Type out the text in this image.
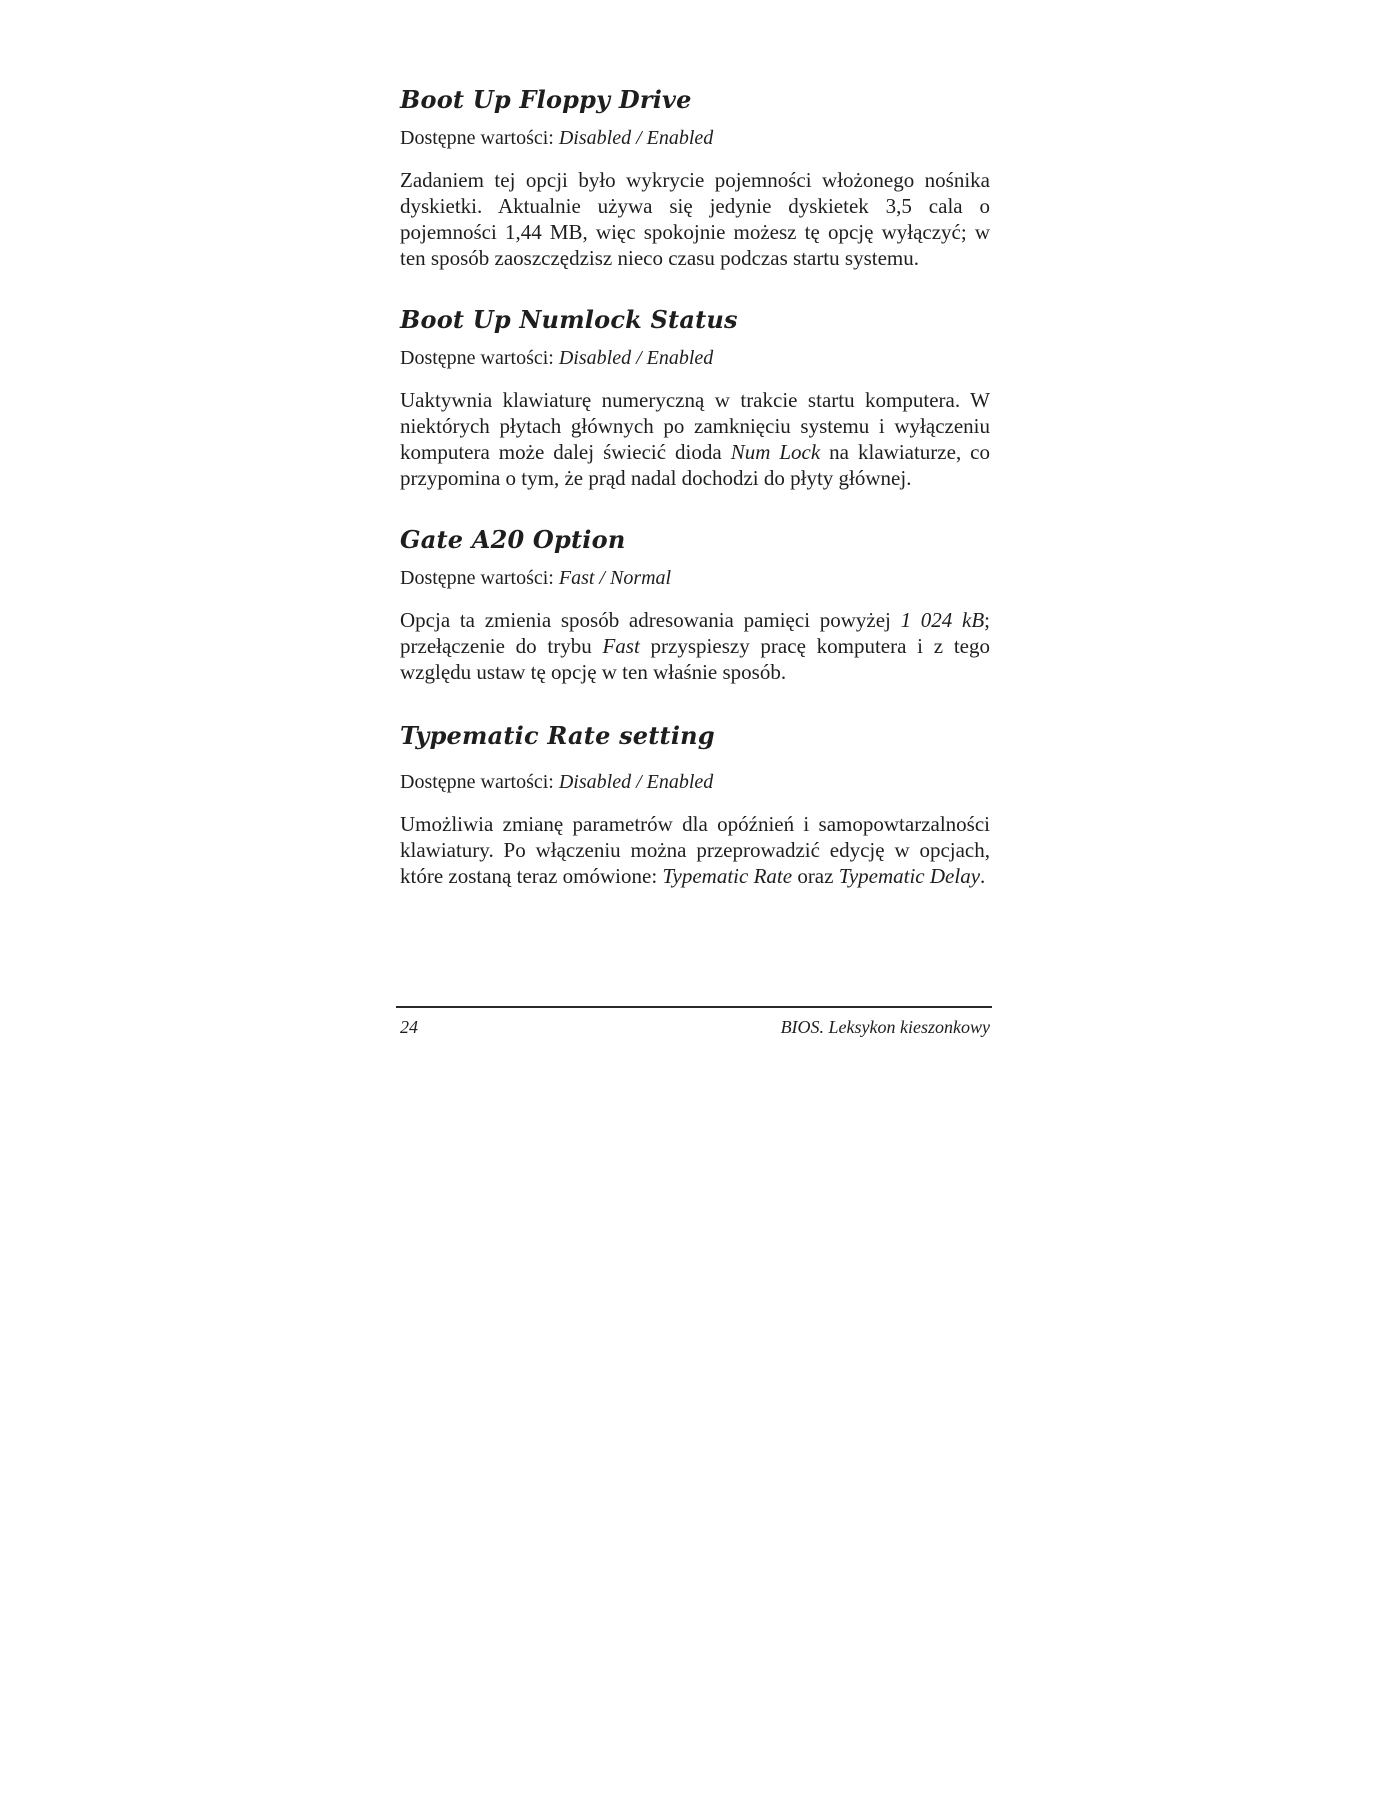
Boot Up Floppy Drive

Dostępne wartości: Disabled / Enabled

Zadaniem tej opcji było wykrycie pojemności włożonego nośnika dyskietki. Aktualnie używa się jedynie dyskietek 3,5 cala o pojemności 1,44 MB, więc spokojnie możesz tę opcję wyłączyć; w ten sposób zaoszczędzisz nieco czasu podczas startu systemu.

Boot Up Numlock Status

Dostępne wartości: Disabled / Enabled

Uaktywnia klawiaturę numeryczną w trakcie startu komputera. W niektórych płytach głównych po zamknięciu systemu i wyłączeniu komputera może dalej świecić dioda Num Lock na klawiaturze, co przypomina o tym, że prąd nadal dochodzi do płyty głównej.

Gate A20 Option

Dostępne wartości: Fast / Normal

Opcja ta zmienia sposób adresowania pamięci powyżej 1 024 kB; przełączenie do trybu Fast przyspieszy pracę komputera i z tego względu ustaw tę opcję w ten właśnie sposób.

Typematic Rate setting

Dostępne wartości: Disabled / Enabled

Umożliwia zmianę parametrów dla opóźnień i samopowtarzalności klawiatury. Po włączeniu można przeprowadzić edycję w opcjach, które zostaną teraz omówione: Typematic Rate oraz Typematic Delay.

24	BIOS. Leksykon kieszonkowy
